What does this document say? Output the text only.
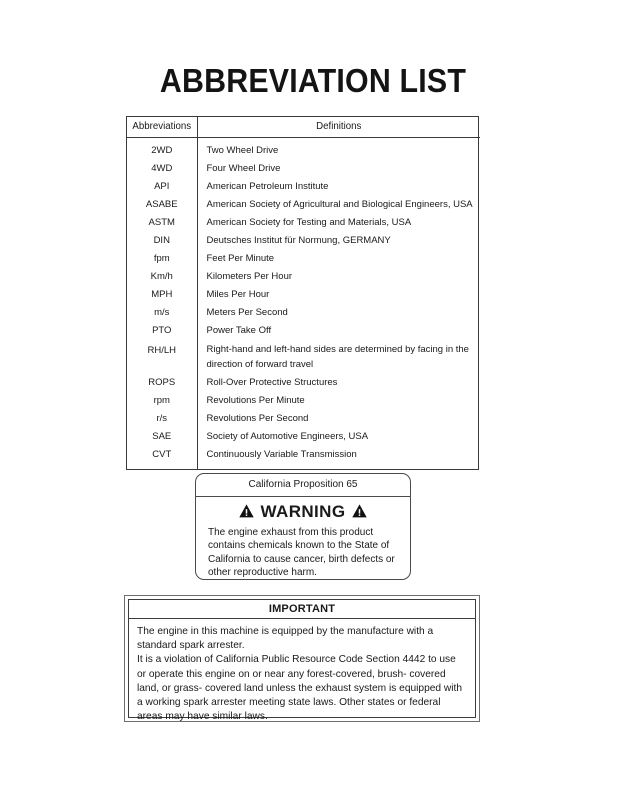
ABBREVIATION LIST
Abbreviations	Definitions
2WD	Two Wheel Drive
4WD	Four Wheel Drive
API	American Petroleum Institute
ASABE	American Society of Agricultural and Biological Engineers, USA
ASTM	American Society for Testing and Materials, USA
DIN	Deutsches Institut für Normung, GERMANY
fpm	Feet Per Minute
Km/h	Kilometers Per Hour
MPH	Miles Per Hour
m/s	Meters Per Second
PTO	Power Take Off
RH/LH	Right-hand and left-hand sides are determined by facing in the direction of forward travel
ROPS	Roll-Over Protective Structures
rpm	Revolutions Per Minute
r/s	Revolutions Per Second
SAE	Society of Automotive Engineers, USA
CVT	Continuously Variable Transmission
California Proposition 65
WARNING
The engine exhaust from this product contains chemicals known to the State of California to cause cancer, birth defects or other reproductive harm.
IMPORTANT

The engine in this machine is equipped by the manufacture with a standard spark arrester.

It is a violation of California Public Resource Code Section 4442 to use or operate this engine on or near any forest-covered, brush- covered land, or grass- covered land unless the exhaust system is equipped with a working spark arrester meeting state laws. Other states or federal areas may have similar laws.
